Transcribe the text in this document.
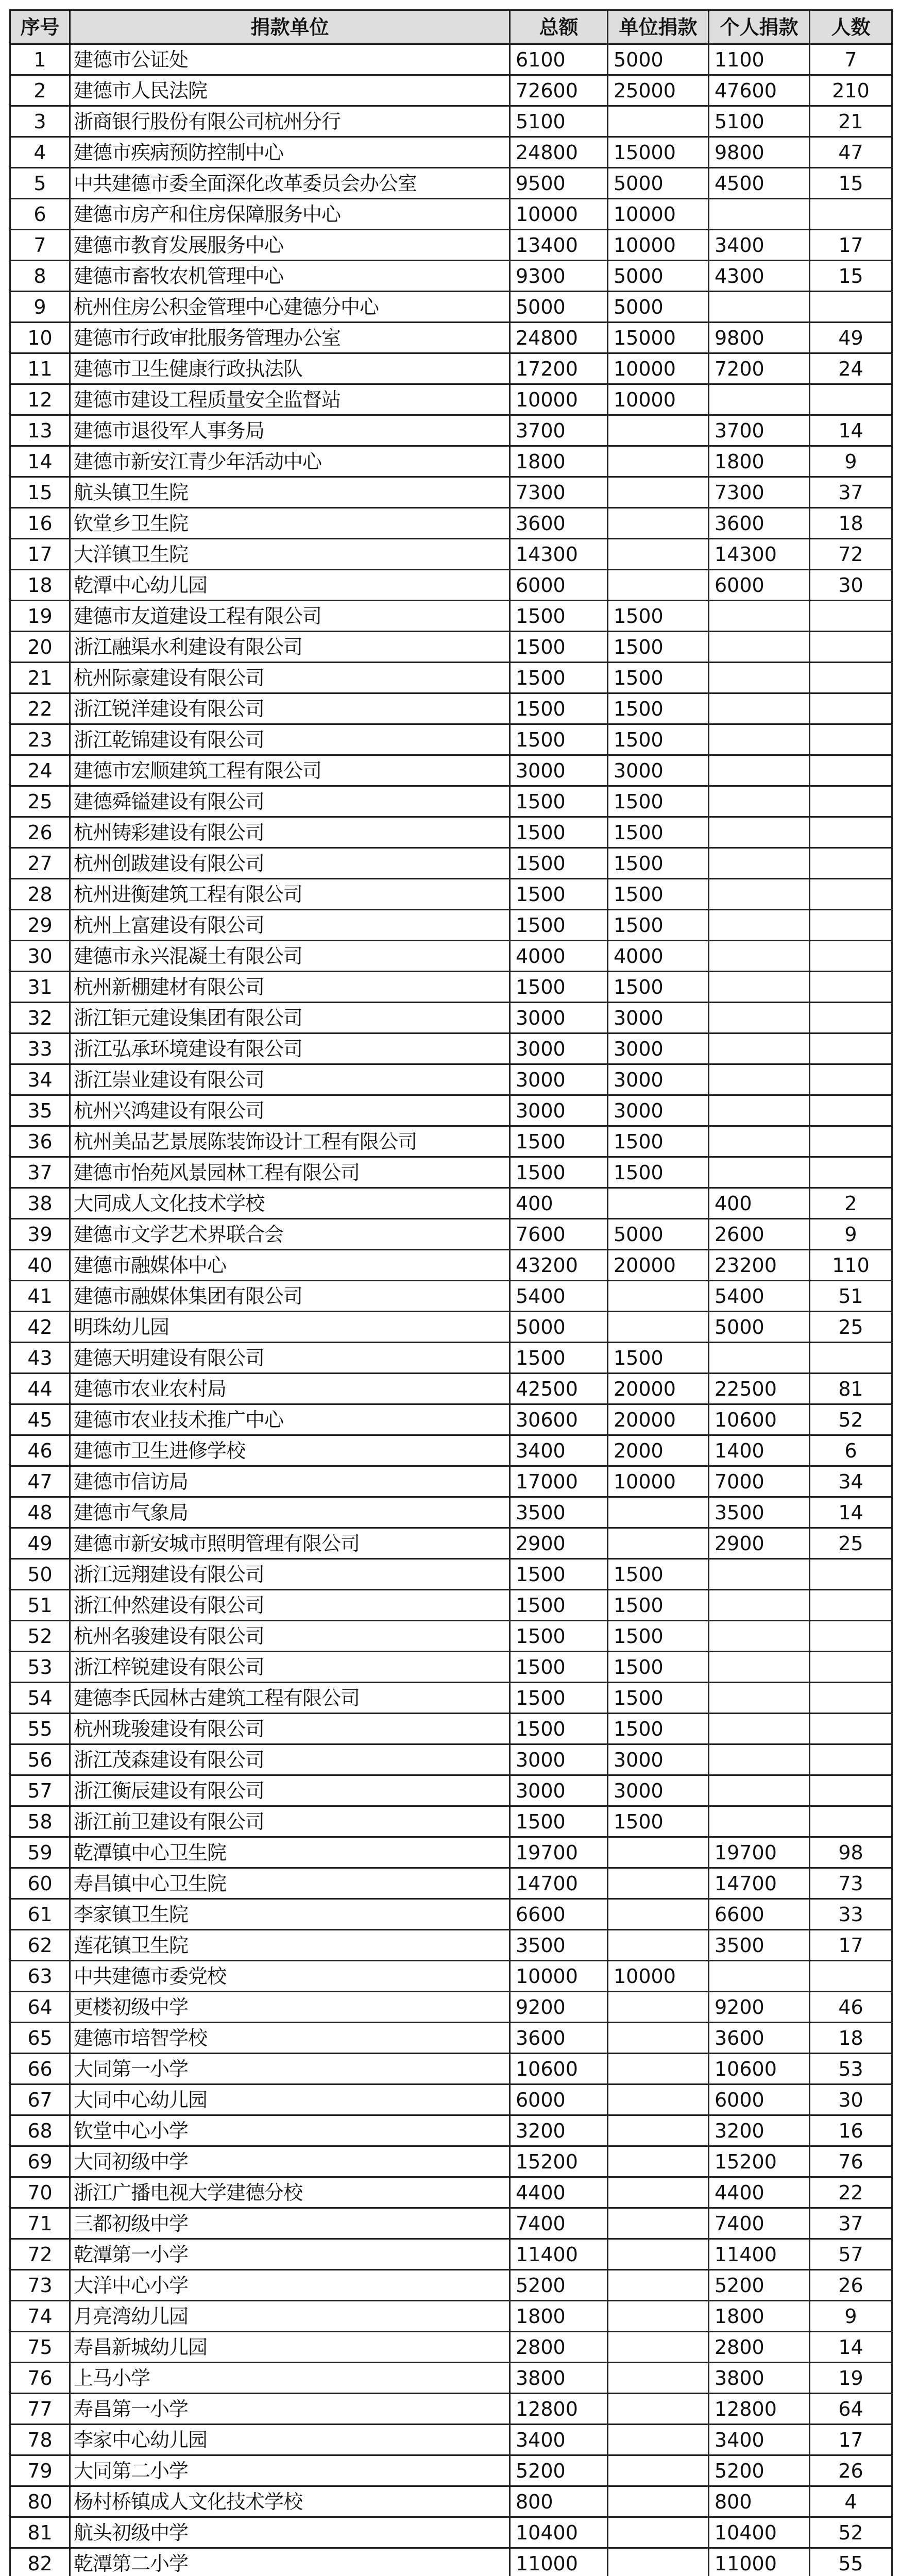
序号	捐款单位	总额	单位捐款	个人捐款	人数
1	建德市公证处	6100	5000	1100	7
2	建德市人民法院	72600	25000	47600	210
3	浙商银行股份有限公司杭州分行	5100		5100	21
4	建德市疾病预防控制中心	24800	15000	9800	47
5	中共建德市委全面深化改革委员会办公室	9500	5000	4500	15
6	建德市房产和住房保障服务中心	10000	10000		
7	建德市教育发展服务中心	13400	10000	3400	17
8	建德市畜牧农机管理中心	9300	5000	4300	15
9	杭州住房公积金管理中心建德分中心	5000	5000		
10	建德市行政审批服务管理办公室	24800	15000	9800	49
11	建德市卫生健康行政执法队	17200	10000	7200	24
12	建德市建设工程质量安全监督站	10000	10000		
13	建德市退役军人事务局	3700		3700	14
14	建德市新安江青少年活动中心	1800		1800	9
15	航头镇卫生院	7300		7300	37
16	钦堂乡卫生院	3600		3600	18
17	大洋镇卫生院	14300		14300	72
18	乾潭中心幼儿园	6000		6000	30
19	建德市友道建设工程有限公司	1500	1500		
20	浙江融渠水利建设有限公司	1500	1500		
21	杭州际豪建设有限公司	1500	1500		
22	浙江锐洋建设有限公司	1500	1500		
23	浙江乾锦建设有限公司	1500	1500		
24	建德市宏顺建筑工程有限公司	3000	3000		
25	建德舜镒建设有限公司	1500	1500		
26	杭州铸彩建设有限公司	1500	1500		
27	杭州创跋建设有限公司	1500	1500		
28	杭州进衡建筑工程有限公司	1500	1500		
29	杭州上富建设有限公司	1500	1500		
30	建德市永兴混凝土有限公司	4000	4000		
31	杭州新棚建材有限公司	1500	1500		
32	浙江钜元建设集团有限公司	3000	3000		
33	浙江弘承环境建设有限公司	3000	3000		
34	浙江崇业建设有限公司	3000	3000		
35	杭州兴鸿建设有限公司	3000	3000		
36	杭州美品艺景展陈装饰设计工程有限公司	1500	1500		
37	建德市怡苑风景园林工程有限公司	1500	1500		
38	大同成人文化技术学校	400		400	2
39	建德市文学艺术界联合会	7600	5000	2600	9
40	建德市融媒体中心	43200	20000	23200	110
41	建德市融媒体集团有限公司	5400		5400	51
42	明珠幼儿园	5000		5000	25
43	建德天明建设有限公司	1500	1500		
44	建德市农业农村局	42500	20000	22500	81
45	建德市农业技术推广中心	30600	20000	10600	52
46	建德市卫生进修学校	3400	2000	1400	6
47	建德市信访局	17000	10000	7000	34
48	建德市气象局	3500		3500	14
49	建德市新安城市照明管理有限公司	2900		2900	25
50	浙江远翔建设有限公司	1500	1500		
51	浙江仲然建设有限公司	1500	1500		
52	杭州名骏建设有限公司	1500	1500		
53	浙江梓锐建设有限公司	1500	1500		
54	建德李氏园林古建筑工程有限公司	1500	1500		
55	杭州珑骏建设有限公司	1500	1500		
56	浙江茂森建设有限公司	3000	3000		
57	浙江衡辰建设有限公司	3000	3000		
58	浙江前卫建设有限公司	1500	1500		
59	乾潭镇中心卫生院	19700		19700	98
60	寿昌镇中心卫生院	14700		14700	73
61	李家镇卫生院	6600		6600	33
62	莲花镇卫生院	3500		3500	17
63	中共建德市委党校	10000	10000		
64	更楼初级中学	9200		9200	46
65	建德市培智学校	3600		3600	18
66	大同第一小学	10600		10600	53
67	大同中心幼儿园	6000		6000	30
68	钦堂中心小学	3200		3200	16
69	大同初级中学	15200		15200	76
70	浙江广播电视大学建德分校	4400		4400	22
71	三都初级中学	7400		7400	37
72	乾潭第一小学	11400		11400	57
73	大洋中心小学	5200		5200	26
74	月亮湾幼儿园	1800		1800	9
75	寿昌新城幼儿园	2800		2800	14
76	上马小学	3800		3800	19
77	寿昌第一小学	12800		12800	64
78	李家中心幼儿园	3400		3400	17
79	大同第二小学	5200		5200	26
80	杨村桥镇成人文化技术学校	800		800	4
81	航头初级中学	10400		10400	52
82	乾潭第二小学	11000		11000	55
